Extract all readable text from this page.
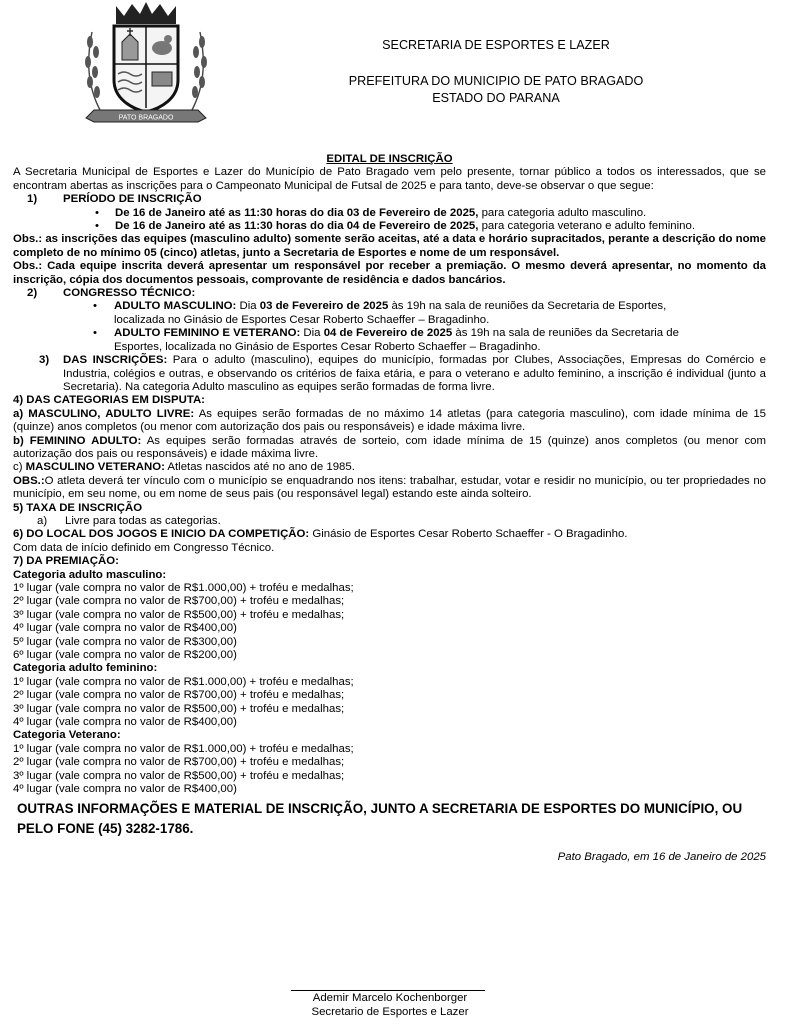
PATO BRAGADO
SECRETARIA DE ESPORTES E LAZER
PREFEITURA DO MUNICIPIO DE PATO BRAGADO
ESTADO DO PARANA
EDITAL DE INSCRIÇÃO
A Secretaria Municipal de Esportes e Lazer do Município de Pato Bragado vem pelo presente, tornar público a todos os interessados, que se encontram abertas as inscrições para o Campeonato Municipal de Futsal de 2025 e para tanto, deve-se observar o que segue:
1) PERÍODO DE INSCRIÇÃO
• De 16 de Janeiro até as 11:30 horas do dia 03 de Fevereiro de 2025, para categoria adulto masculino.
• De 16 de Janeiro até as 11:30 horas do dia 04 de Fevereiro de 2025, para categoria veterano e adulto feminino.
Obs.: as inscrições das equipes (masculino adulto) somente serão aceitas, até a data e horário supracitados, perante a descrição do nome completo de no mínimo 05 (cinco) atletas, junto a Secretaria de Esportes e nome de um responsável.
Obs.: Cada equipe inscrita deverá apresentar um responsável por receber a premiação. O mesmo deverá apresentar, no momento da inscrição, cópia dos documentos pessoais, comprovante de residência e dados bancários.
2) CONGRESSO TÉCNICO:
• ADULTO MASCULINO: Dia 03 de Fevereiro de 2025 às 19h na sala de reuniões da Secretaria de Esportes,
localizada no Ginásio de Esportes Cesar Roberto Schaeffer – Bragadinho.
• ADULTO FEMININO E VETERANO: Dia 04 de Fevereiro de 2025 às 19h na sala de reuniões da Secretaria de
Esportes, localizada no Ginásio de Esportes Cesar Roberto Schaeffer – Bragadinho.
3) DAS INSCRIÇÕES: Para o adulto (masculino), equipes do município, formadas por Clubes, Associações, Empresas do Comércio e Industria, colégios e outras, e observando os critérios de faixa etária, e para o veterano e adulto feminino, a inscrição é individual (junto a Secretaria). Na categoria Adulto masculino as equipes serão formadas de forma livre.
4) DAS CATEGORIAS EM DISPUTA:
a) MASCULINO, ADULTO LIVRE: As equipes serão formadas de no máximo 14 atletas (para categoria masculino), com idade mínima de 15 (quinze) anos completos (ou menor com autorização dos pais ou responsáveis) e idade máxima livre.
b) FEMININO ADULTO: As equipes serão formadas através de sorteio, com idade mínima de 15 (quinze) anos completos (ou menor com autorização dos pais ou responsáveis) e idade máxima livre.
c) MASCULINO VETERANO: Atletas nascidos até no ano de 1985.
OBS.:O atleta deverá ter vínculo com o município se enquadrando nos itens: trabalhar, estudar, votar e residir no município, ou ter propriedades no município, em seu nome, ou em nome de seus pais (ou responsável legal) estando este ainda solteiro.
5) TAXA DE INSCRIÇÃO
a) Livre para todas as categorias.
6) DO LOCAL DOS JOGOS E INICIO DA COMPETIÇÃO: Ginásio de Esportes Cesar Roberto Schaeffer - O Bragadinho.
Com data de início definido em Congresso Técnico.
7) DA PREMIAÇÃO:
Categoria adulto masculino:
1º lugar (vale compra no valor de R$1.000,00) + troféu e medalhas;
2º lugar (vale compra no valor de R$700,00) + troféu e medalhas;
3º lugar (vale compra no valor de R$500,00) + troféu e medalhas;
4º lugar (vale compra no valor de R$400,00)
5º lugar (vale compra no valor de R$300,00)
6º lugar (vale compra no valor de R$200,00)
Categoria adulto feminino:
1º lugar (vale compra no valor de R$1.000,00) + troféu e medalhas;
2º lugar (vale compra no valor de R$700,00) + troféu e medalhas;
3º lugar (vale compra no valor de R$500,00) + troféu e medalhas;
4º lugar (vale compra no valor de R$400,00)
Categoria Veterano:
1º lugar (vale compra no valor de R$1.000,00) + troféu e medalhas;
2º lugar (vale compra no valor de R$700,00) + troféu e medalhas;
3º lugar (vale compra no valor de R$500,00) + troféu e medalhas;
4º lugar (vale compra no valor de R$400,00)
OUTRAS INFORMAÇÕES E MATERIAL DE INSCRIÇÃO, JUNTO A SECRETARIA DE ESPORTES DO MUNICÍPIO, OU PELO FONE (45) 3282-1786.
Pato Bragado, em 16 de Janeiro de 2025
Ademir Marcelo Kochenborger
Secretario de Esportes e Lazer
